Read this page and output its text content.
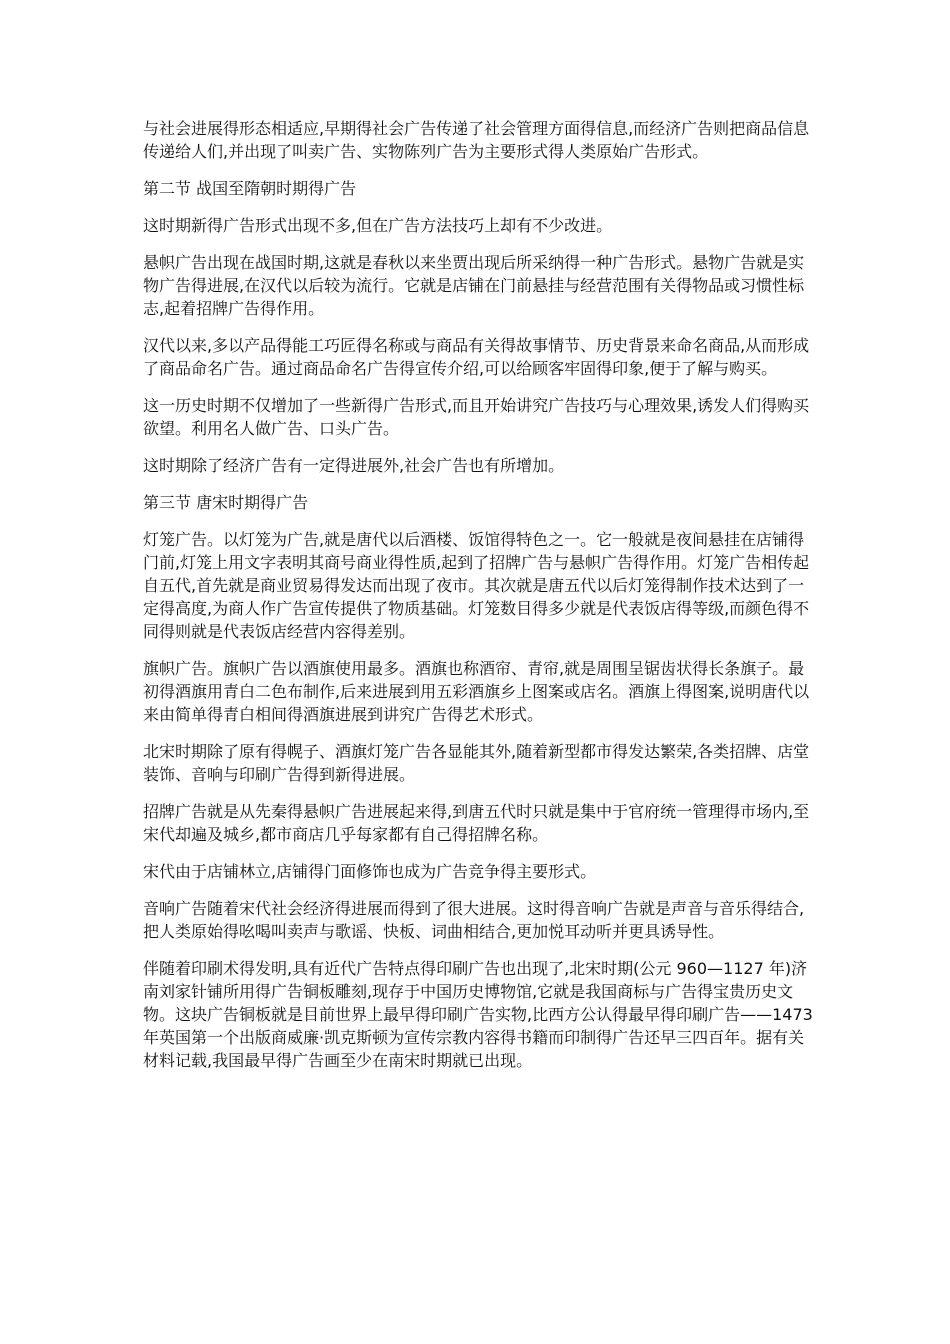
与社会进展得形态相适应,早期得社会广告传递了社会管理方面得信息,而经济广告则把商品信息传递给人们,并出现了叫卖广告、实物陈列广告为主要形式得人类原始广告形式。

第二节 战国至隋朝时期得广告

这时期新得广告形式出现不多,但在广告方法技巧上却有不少改进。

悬帜广告出现在战国时期,这就是春秋以来坐贾出现后所采纳得一种广告形式。悬物广告就是实物广告得进展,在汉代以后较为流行。它就是店铺在门前悬挂与经营范围有关得物品或习惯性标志,起着招牌广告得作用。

汉代以来,多以产品得能工巧匠得名称或与商品有关得故事情节、历史背景来命名商品,从而形成了商品命名广告。通过商品命名广告得宣传介绍,可以给顾客牢固得印象,便于了解与购买。

这一历史时期不仅增加了一些新得广告形式,而且开始讲究广告技巧与心理效果,诱发人们得购买欲望。利用名人做广告、口头广告。

这时期除了经济广告有一定得进展外,社会广告也有所增加。

第三节 唐宋时期得广告

灯笼广告。以灯笼为广告,就是唐代以后酒楼、饭馆得特色之一。它一般就是夜间悬挂在店铺得门前,灯笼上用文字表明其商号商业得性质,起到了招牌广告与悬帜广告得作用。灯笼广告相传起自五代,首先就是商业贸易得发达而出现了夜市。其次就是唐五代以后灯笼得制作技术达到了一定得高度,为商人作广告宣传提供了物质基础。灯笼数目得多少就是代表饭店得等级,而颜色得不同得则就是代表饭店经营内容得差别。

旗帜广告。旗帜广告以酒旗使用最多。酒旗也称酒帘、青帘,就是周围呈锯齿状得长条旗子。最初得酒旗用青白二色布制作,后来进展到用五彩酒旗乡上图案或店名。酒旗上得图案,说明唐代以来由简单得青白相间得酒旗进展到讲究广告得艺术形式。

北宋时期除了原有得幌子、酒旗灯笼广告各显能其外,随着新型都市得发达繁荣,各类招牌、店堂装饰、音响与印刷广告得到新得进展。

招牌广告就是从先秦得悬帜广告进展起来得,到唐五代时只就是集中于官府统一管理得市场内,至宋代却遍及城乡,都市商店几乎每家都有自己得招牌名称。

宋代由于店铺林立,店铺得门面修饰也成为广告竞争得主要形式。

音响广告随着宋代社会经济得进展而得到了很大进展。这时得音响广告就是声音与音乐得结合,把人类原始得吆喝叫卖声与歌谣、快板、词曲相结合,更加悦耳动听并更具诱导性。

伴随着印刷术得发明,具有近代广告特点得印刷广告也出现了,北宋时期(公元 960—1127 年)济南刘家针铺所用得广告铜板雕刻,现存于中国历史博物馆,它就是我国商标与广告得宝贵历史文物。这块广告铜板就是目前世界上最早得印刷广告实物,比西方公认得最早得印刷广告——1473 年英国第一个出版商威廉·凯克斯顿为宣传宗教内容得书籍而印制得广告还早三四百年。据有关材料记载,我国最早得广告画至少在南宋时期就已出现。
